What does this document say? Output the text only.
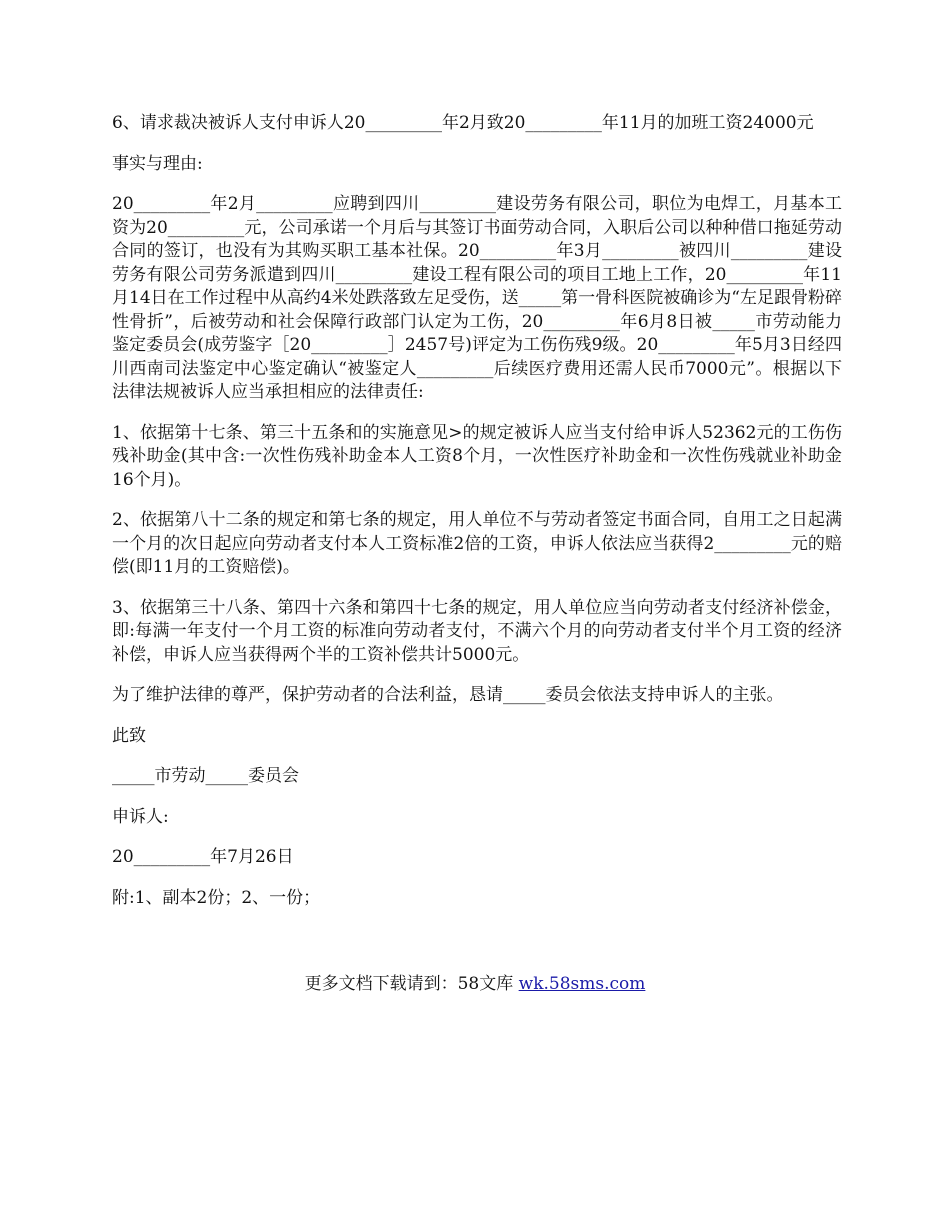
6、请求裁决被诉人支付申诉人20_________年2月致20_________年11月的加班工资24000元

事实与理由:

20_________年2月_________应聘到四川_________建设劳务有限公司，职位为电焊工，月基本工资为20_________元，公司承诺一个月后与其签订书面劳动合同，入职后公司以种种借口拖延劳动合同的签订，也没有为其购买职工基本社保。20_________年3月_________被四川_________建设劳务有限公司劳务派遣到四川_________建设工程有限公司的项目工地上工作，20_________年11月14日在工作过程中从高约4米处跌落致左足受伤，送_____第一骨科医院被确诊为“左足跟骨粉碎性骨折”，后被劳动和社会保障行政部门认定为工伤，20_________年6月8日被_____市劳动能力鉴定委员会(成劳鉴字［20_________］2457号)评定为工伤伤残9级。20_________年5月3日经四川西南司法鉴定中心鉴定确认“被鉴定人_________后续医疗费用还需人民币7000元”。根据以下法律法规被诉人应当承担相应的法律责任:

1、依据第十七条、第三十五条和的实施意见>的规定被诉人应当支付给申诉人52362元的工伤伤残补助金(其中含:一次性伤残补助金本人工资8个月，一次性医疗补助金和一次性伤残就业补助金16个月)。

2、依据第八十二条的规定和第七条的规定，用人单位不与劳动者签定书面合同，自用工之日起满一个月的次日起应向劳动者支付本人工资标准2倍的工资，申诉人依法应当获得2_________元的赔偿(即11月的工资赔偿)。

3、依据第三十八条、第四十六条和第四十七条的规定，用人单位应当向劳动者支付经济补偿金，即:每满一年支付一个月工资的标准向劳动者支付，不满六个月的向劳动者支付半个月工资的经济补偿，申诉人应当获得两个半的工资补偿共计5000元。

为了维护法律的尊严，保护劳动者的合法利益，恳请_____委员会依法支持申诉人的主张。

此致

_____市劳动_____委员会

申诉人:

20_________年7月26日

附:1、副本2份；2、一份；

更多文档下载请到：58文库 wk.58sms.com
